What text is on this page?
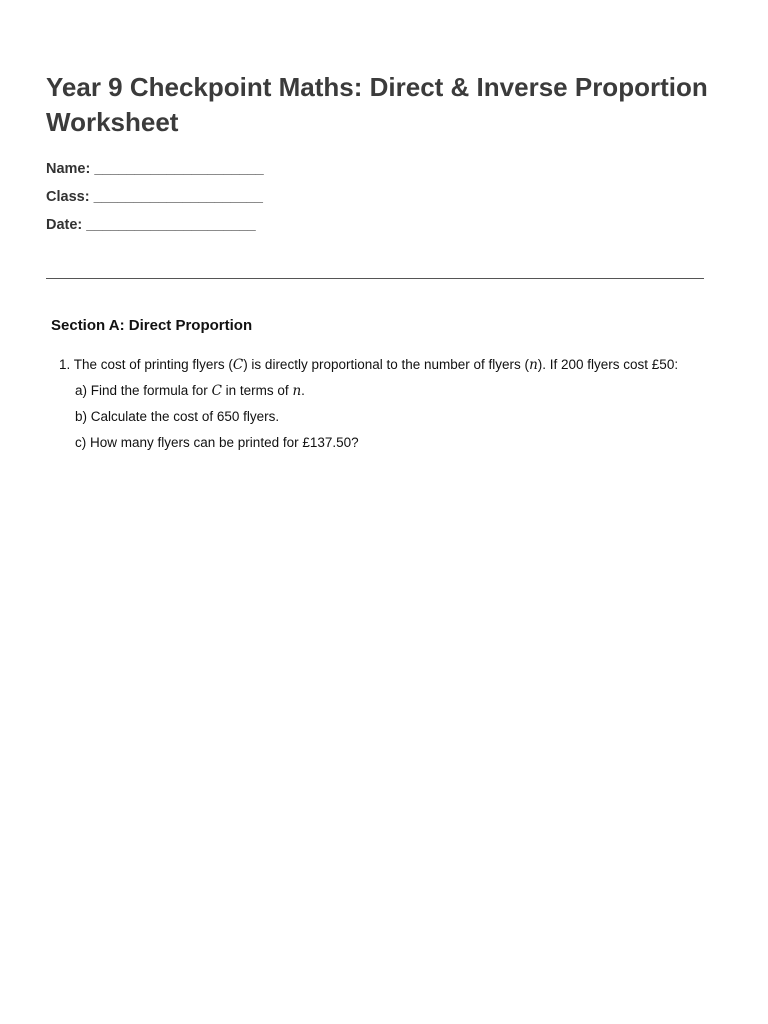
Year 9 Checkpoint Maths: Direct & Inverse Proportion Worksheet
Name: _____________________
Class: _____________________
Date: _____________________
Section A: Direct Proportion
1. The cost of printing flyers (C) is directly proportional to the number of flyers (n). If 200 flyers cost £50:
a) Find the formula for C in terms of n.
b) Calculate the cost of 650 flyers.
c) How many flyers can be printed for £137.50?
